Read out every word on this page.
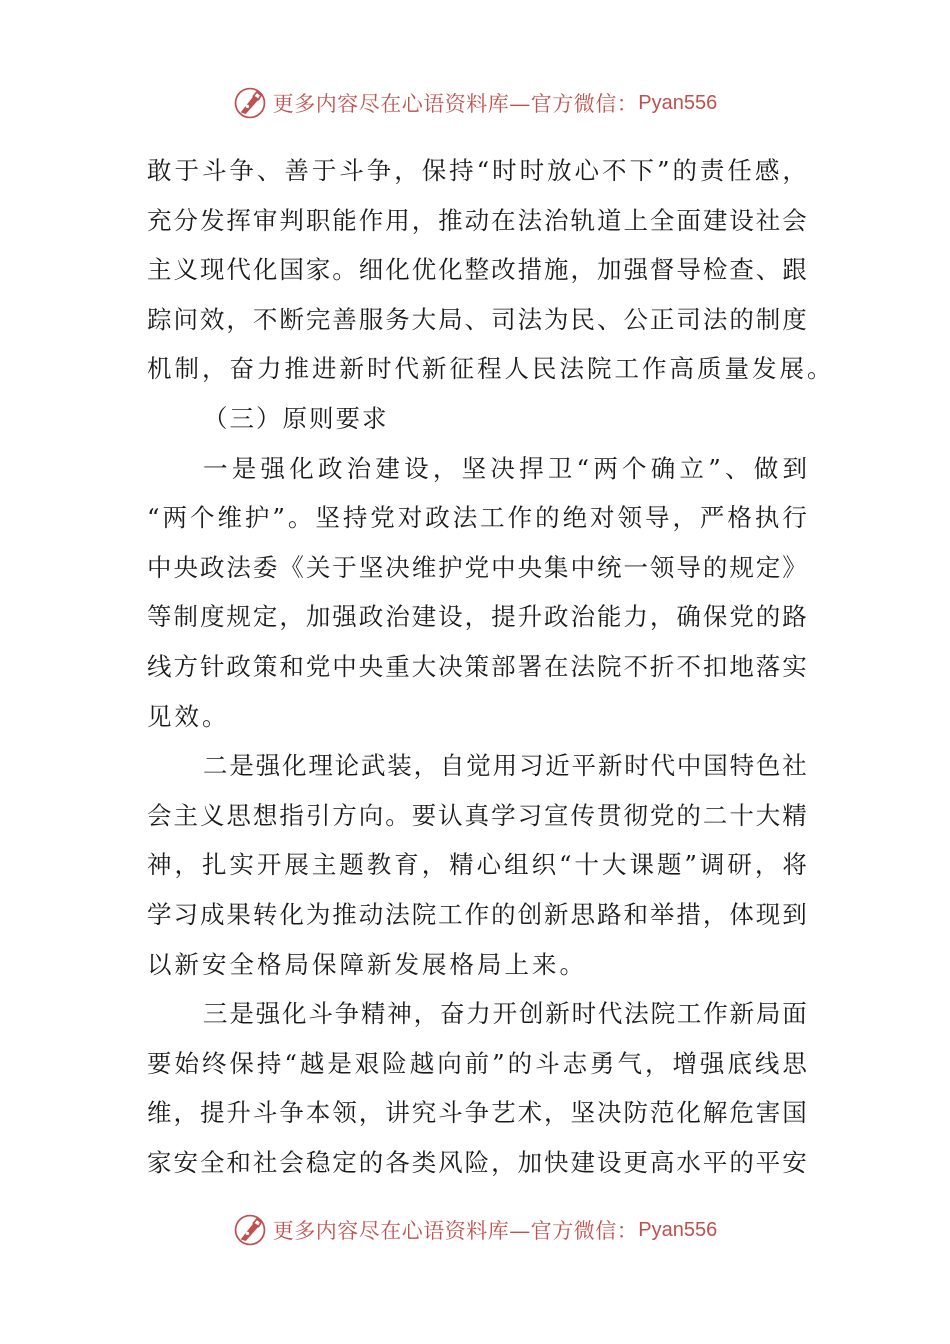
更多内容尽在心语资料库—官方微信： Pyan556
敢 于 斗 争 、 善 于 斗 争 ， 保 持 “ 时 时 放 心 不 下 ” 的 责 任 感 ，
充 分 发 挥 审 判 职 能 作 用 ， 推 动 在 法 治 轨 道 上 全 面 建 设 社 会
主 义 现 代 化 国 家 。 细 化 优 化 整 改 措 施 ， 加 强 督 导 检 查 、 跟
踪 问 效 ， 不 断 完 善 服 务 大 局 、 司 法 为 民 、 公 正 司 法 的 制 度
机制，奋力推进新时代新征程人民法院工作高质量发展。
（三）原则要求
一 是 强 化 政 治 建 设 ， 坚 决 捍 卫 “ 两 个 确 立 ” 、 做 到
“ 两 个 维 护 ” 。 坚 持 党 对 政 法 工 作 的 绝 对 领 导 ， 严 格 执 行
中 央 政 法 委 《 关 于 坚 决 维 护 党 中 央 集 中 统 一 领 导 的 规 定 》
等 制 度 规 定 ， 加 强 政 治 建 设 ， 提 升 政 治 能 力 ， 确 保 党 的 路
线 方 针 政 策 和 党 中 央 重 大 决 策 部 署 在 法 院 不 折 不 扣 地 落 实
见效。
二 是 强 化 理 论 武 装 ， 自 觉 用 习 近 平 新 时 代 中 国 特 色 社
会 主 义 思 想 指 引 方 向 。 要 认 真 学 习 宣 传 贯 彻 党 的 二 十 大 精
神 ， 扎 实 开 展 主 题 教 育 ， 精 心 组 织 “ 十 大 课 题 ” 调 研 ， 将
学 习 成 果 转 化 为 推 动 法 院 工 作 的 创 新 思 路 和 举 措 ， 体 现 到
以新安全格局保障新发展格局上来。
三 是 强 化 斗 争 精 神 ， 奋 力 开 创 新 时 代 法 院 工 作 新 局 面
要 始 终 保 持 “ 越 是 艰 险 越 向 前 ” 的 斗 志 勇 气 ， 增 强 底 线 思
维 ， 提 升 斗 争 本 领 ， 讲 究 斗 争 艺 术 ， 坚 决 防 范 化 解 危 害 国
家 安 全 和 社 会 稳 定 的 各 类 风 险 ， 加 快 建 设 更 高 水 平 的 平 安
更多内容尽在心语资料库—官方微信： Pyan556
